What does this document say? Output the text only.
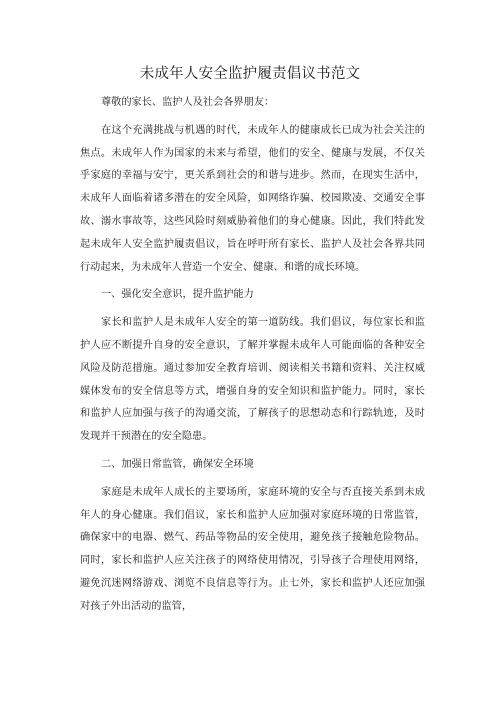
未成年人安全监护履责倡议书范文

尊敬的家长、监护人及社会各界朋友：

在这个充满挑战与机遇的时代，未成年人的健康成长已成为社会关注的焦点。未成年人作为国家的未来与希望，他们的安全、健康与发展，不仅关乎家庭的幸福与安宁，更关系到社会的和谐与进步。然而，在现实生活中，未成年人面临着诸多潜在的安全风险，如网络诈骗、校园欺凌、交通安全事故、溺水事故等，这些风险时刻威胁着他们的身心健康。因此，我们特此发起未成年人安全监护履责倡议，旨在呼吁所有家长、监护人及社会各界共同行动起来，为未成年人营造一个安全、健康、和谐的成长环境。

一、强化安全意识，提升监护能力

家长和监护人是未成年人安全的第一道防线。我们倡议，每位家长和监护人应不断提升自身的安全意识，了解并掌握未成年人可能面临的各种安全风险及防范措施。通过参加安全教育培训、阅读相关书籍和资料、关注权威媒体发布的安全信息等方式，增强自身的安全知识和监护能力。同时，家长和监护人应加强与孩子的沟通交流，了解孩子的思想动态和行踪轨迹，及时发现并干预潜在的安全隐患。

二、加强日常监管，确保安全环境

家庭是未成年人成长的主要场所，家庭环境的安全与否直接关系到未成年人的身心健康。我们倡议，家长和监护人应加强对家庭环境的日常监管，确保家中的电器、燃气、药品等物品的安全使用，避免孩子接触危险物品。同时，家长和监护人应关注孩子的网络使用情况，引导孩子合理使用网络，避免沉迷网络游戏、浏览不良信息等行为。止七外，家长和监护人还应加强对孩子外出活动的监管，
